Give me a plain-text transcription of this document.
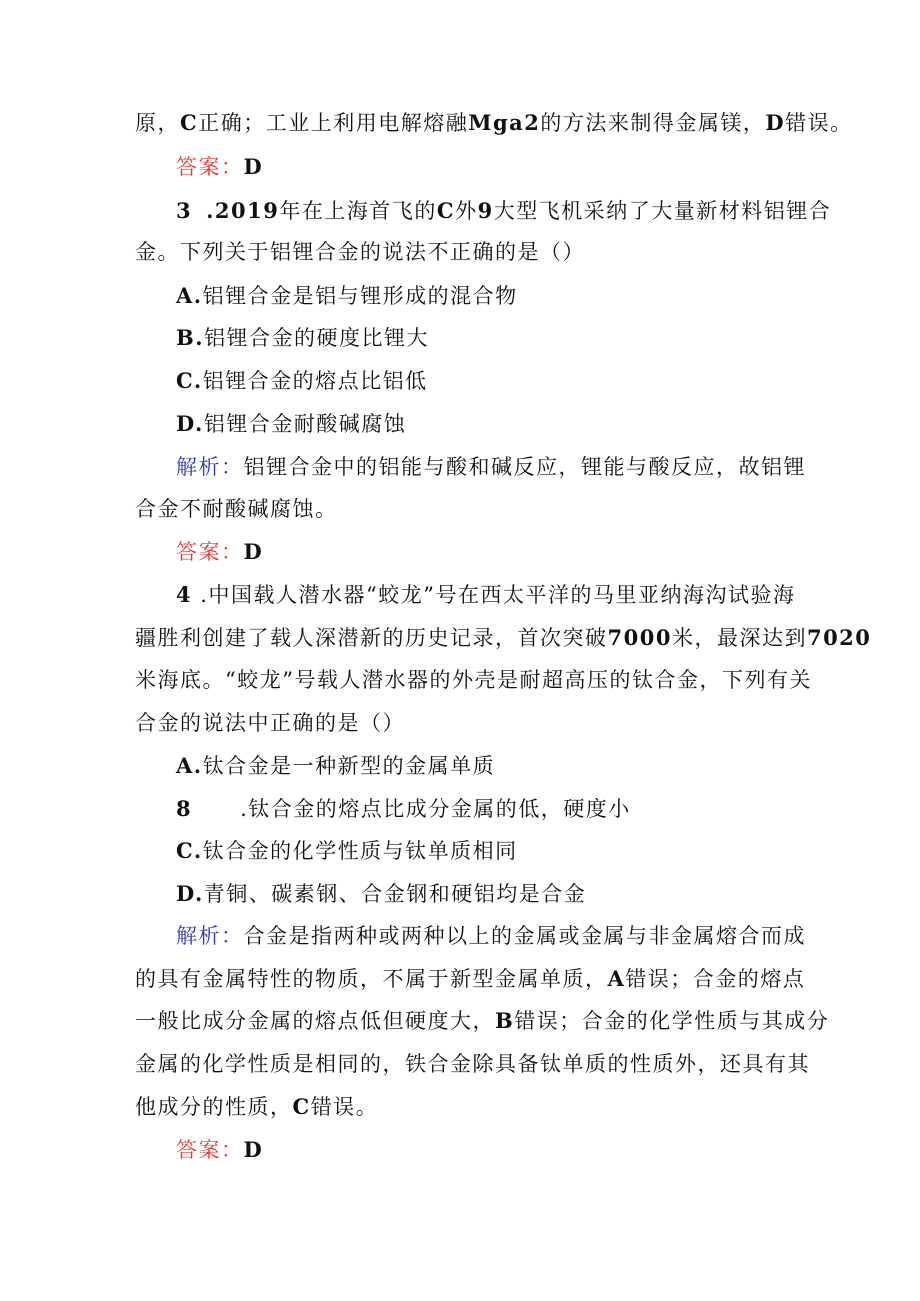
原，C正确；工业上利用电解熔融Mga2的方法来制得金属镁，D错误。
答案：D
3 .2019年在上海首飞的C外9大型飞机采纳了大量新材料铝锂合
金。下列关于铝锂合金的说法不正确的是（）
A.铝锂合金是铝与锂形成的混合物
B.铝锂合金的硬度比锂大
C.铝锂合金的熔点比铝低
D.铝锂合金耐酸碱腐蚀
解析：铝锂合金中的铝能与酸和碱反应，锂能与酸反应，故铝锂
合金不耐酸碱腐蚀。
答案：D
4 .中国载人潜水器“蛟龙”号在西太平洋的马里亚纳海沟试验海
疆胜利创建了载人深潜新的历史记录，首次突破7000米，最深达到7020
米海底。“蛟龙”号载人潜水器的外壳是耐超高压的钛合金，下列有关
合金的说法中正确的是（）
A.钛合金是一种新型的金属单质
8 .钛合金的熔点比成分金属的低，硬度小
C.钛合金的化学性质与钛单质相同
D.青铜、碳素钢、合金钢和硬铝均是合金
解析：合金是指两种或两种以上的金属或金属与非金属熔合而成
的具有金属特性的物质，不属于新型金属单质，A错误；合金的熔点
一般比成分金属的熔点低但硬度大，B错误；合金的化学性质与其成分
金属的化学性质是相同的，铁合金除具备钛单质的性质外，还具有其
他成分的性质，C错误。
答案：D
